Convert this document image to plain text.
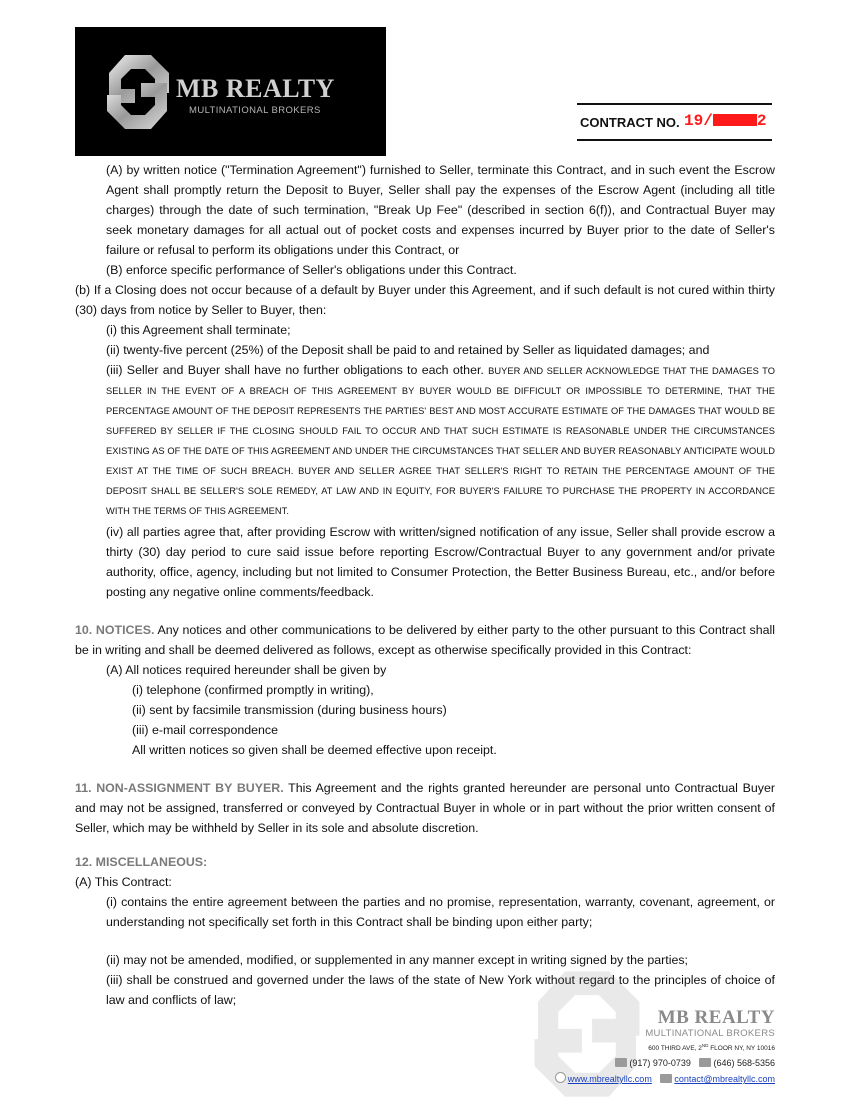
MB REALTY
MULTINATIONAL BROKERS
CONTRACT NO. 19/	2

(A) by written notice ("Termination Agreement") furnished to Seller, terminate this Contract, and in such event the Escrow Agent shall promptly return the Deposit to Buyer, Seller shall pay the expenses of the Escrow Agent (including all title charges) through the date of such termination, "Break Up Fee" (described in section 6(f)), and Contractual Buyer may seek monetary damages for all actual out of pocket costs and expenses incurred by Buyer prior to the date of Seller's failure or refusal to perform its obligations under this Contract, or

(B) enforce specific performance of Seller's obligations under this Contract.

(b) If a Closing does not occur because of a default by Buyer under this Agreement, and if such default is not cured within thirty (30) days from notice by Seller to Buyer, then:

(i) this Agreement shall terminate;

(ii) twenty-five percent (25%) of the Deposit shall be paid to and retained by Seller as liquidated damages; and

(iii) Seller and Buyer shall have no further obligations to each other. BUYER AND SELLER ACKNOWLEDGE THAT THE DAMAGES TO SELLER IN THE EVENT OF A BREACH OF THIS AGREEMENT BY BUYER WOULD BE DIFFICULT OR IMPOSSIBLE TO DETERMINE, THAT THE PERCENTAGE AMOUNT OF THE DEPOSIT REPRESENTS THE PARTIES' BEST AND MOST ACCURATE ESTIMATE OF THE DAMAGES THAT WOULD BE SUFFERED BY SELLER IF THE CLOSING SHOULD FAIL TO OCCUR AND THAT SUCH ESTIMATE IS REASONABLE UNDER THE CIRCUMSTANCES EXISTING AS OF THE DATE OF THIS AGREEMENT AND UNDER THE CIRCUMSTANCES THAT SELLER AND BUYER REASONABLY ANTICIPATE WOULD EXIST AT THE TIME OF SUCH BREACH. BUYER AND SELLER AGREE THAT SELLER'S RIGHT TO RETAIN THE PERCENTAGE AMOUNT OF THE DEPOSIT SHALL BE SELLER'S SOLE REMEDY, AT LAW AND IN EQUITY, FOR BUYER'S FAILURE TO PURCHASE THE PROPERTY IN ACCORDANCE WITH THE TERMS OF THIS AGREEMENT.

(iv) all parties agree that, after providing Escrow with written/signed notification of any issue, Seller shall provide escrow a thirty (30) day period to cure said issue before reporting Escrow/Contractual Buyer to any government and/or private authority, office, agency, including but not limited to Consumer Protection, the Better Business Bureau, etc., and/or before posting any negative online comments/feedback.

10. NOTICES. Any notices and other communications to be delivered by either party to the other pursuant to this Contract shall be in writing and shall be deemed delivered as follows, except as otherwise specifically provided in this Contract:

(A) All notices required hereunder shall be given by

(i) telephone (confirmed promptly in writing),

(ii) sent by facsimile transmission (during business hours)

(iii) e-mail correspondence

All written notices so given shall be deemed effective upon receipt.

11. NON-ASSIGNMENT BY BUYER. This Agreement and the rights granted hereunder are personal unto Contractual Buyer and may not be assigned, transferred or conveyed by Contractual Buyer in whole or in part without the prior written consent of Seller, which may be withheld by Seller in its sole and absolute discretion.

12. MISCELLANEOUS:

(A) This Contract:

(i) contains the entire agreement between the parties and no promise, representation, warranty, covenant, agreement, or understanding not specifically set forth in this Contract shall be binding upon either party;

(ii) may not be amended, modified, or supplemented in any manner except in writing signed by the parties;

(iii) shall be construed and governed under the laws of the state of New York without regard to the principles of choice of law and conflicts of law;

MB REALTY
MULTINATIONAL BROKERS
600 THIRD AVE, 2ND FLOOR NY, NY 10016
(917) 970-0739	(646) 568-5356
www.mbrealtyllc.com	contact@mbrealtyllc.com
